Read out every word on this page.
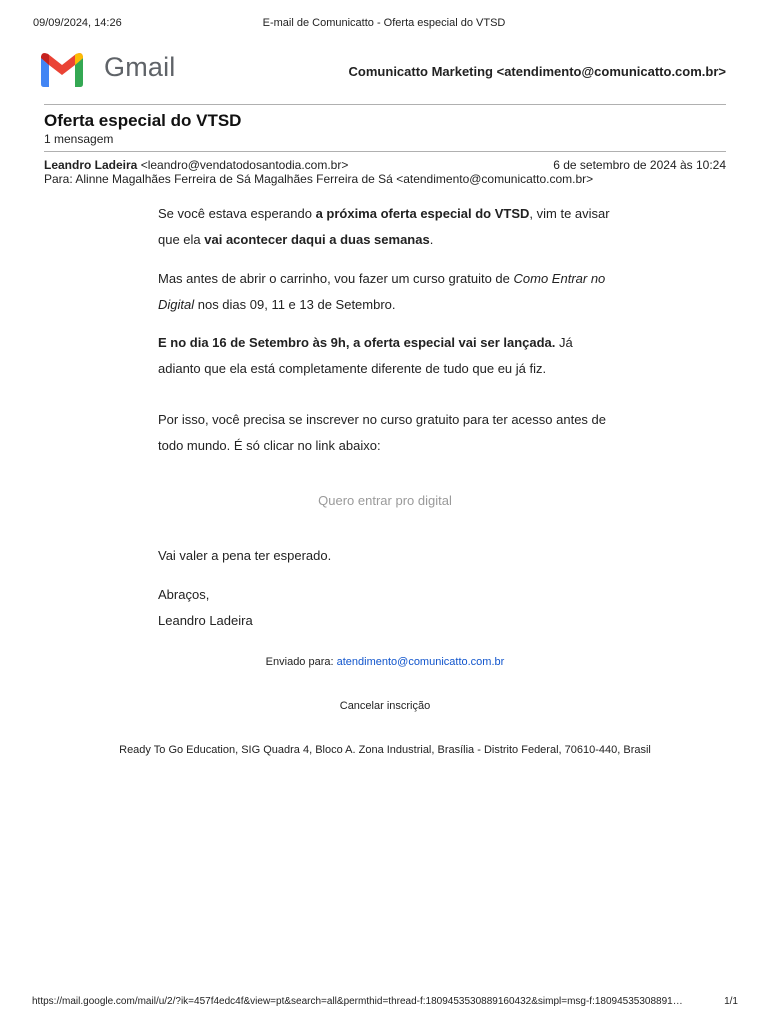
09/09/2024, 14:26	E-mail de Comunicatto - Oferta especial do VTSD
Gmail	Comunicatto Marketing <atendimento@comunicatto.com.br>
Oferta especial do VTSD
1 mensagem
Leandro Ladeira <leandro@vendatodosantodia.com.br>	6 de setembro de 2024 às 10:24
Para: Alinne Magalhães Ferreira de Sá Magalhães Ferreira de Sá <atendimento@comunicatto.com.br>
Se você estava esperando a próxima oferta especial do VTSD, vim te avisar que ela vai acontecer daqui a duas semanas.
Mas antes de abrir o carrinho, vou fazer um curso gratuito de Como Entrar no Digital nos dias 09, 11 e 13 de Setembro.
E no dia 16 de Setembro às 9h, a oferta especial vai ser lançada. Já adianto que ela está completamente diferente de tudo que eu já fiz.
Por isso, você precisa se inscrever no curso gratuito para ter acesso antes de todo mundo. É só clicar no link abaixo:
Quero entrar pro digital
Vai valer a pena ter esperado.
Abraços,
Leandro Ladeira
Enviado para: atendimento@comunicatto.com.br
Cancelar inscrição
Ready To Go Education, SIG Quadra 4, Bloco A. Zona Industrial, Brasília - Distrito Federal, 70610-440, Brasil
https://mail.google.com/mail/u/2/?ik=457f4edc4f&view=pt&search=all&permthid=thread-f:1809453530889160432&simpl=msg-f:18094535308891…	1/1
